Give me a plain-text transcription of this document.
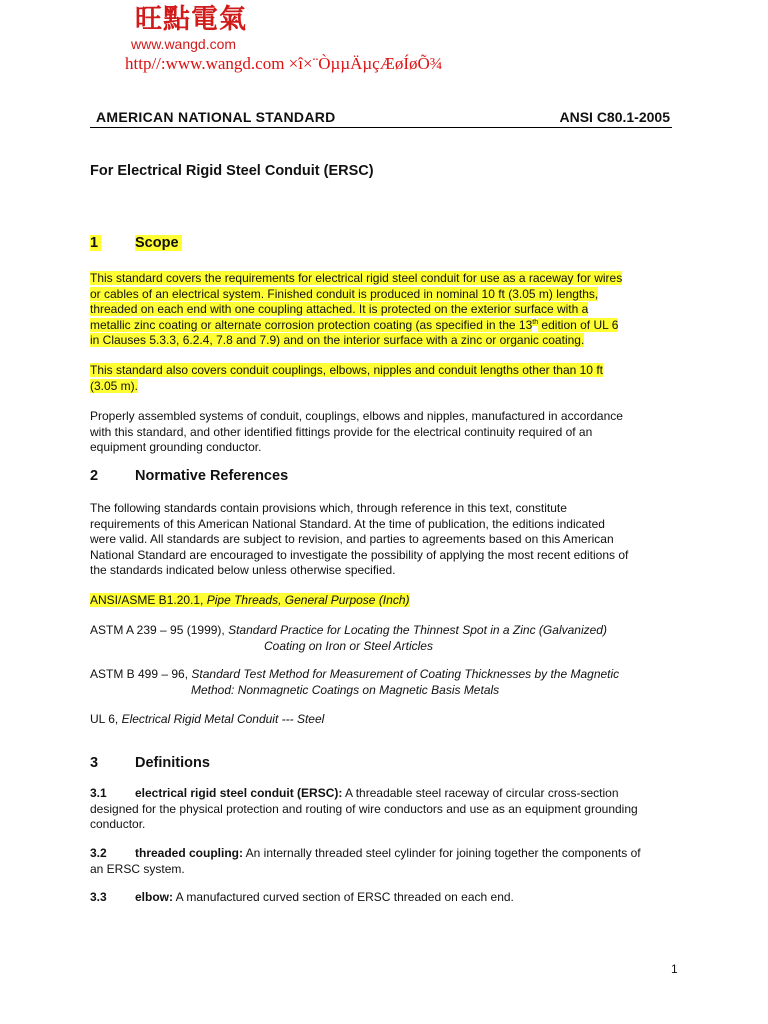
旺點電氣
www.wangd.com
http//:www.wangd.com ×î×¨ÒµµÄµçÆøÍøÕ¾
AMERICAN NATIONAL STANDARD	ANSI C80.1-2005
For Electrical Rigid Steel Conduit (ERSC)
1	Scope
This standard covers the requirements for electrical rigid steel conduit for use as a raceway for wires
or cables of an electrical system. Finished conduit is produced in nominal 10 ft (3.05 m) lengths,
threaded on each end with one coupling attached. It is protected on the exterior surface with a
metallic zinc coating or alternate corrosion protection coating (as specified in the 13th edition of UL 6
in Clauses 5.3.3, 6.2.4, 7.8 and 7.9) and on the interior surface with a zinc or organic coating.
This standard also covers conduit couplings, elbows, nipples and conduit lengths other than 10 ft
(3.05 m).
Properly assembled systems of conduit, couplings, elbows and nipples, manufactured in accordance
with this standard, and other identified fittings provide for the electrical continuity required of an
equipment grounding conductor.
2	Normative References
The following standards contain provisions which, through reference in this text, constitute
requirements of this American National Standard. At the time of publication, the editions indicated
were valid. All standards are subject to revision, and parties to agreements based on this American
National Standard are encouraged to investigate the possibility of applying the most recent editions of
the standards indicated below unless otherwise specified.
ANSI/ASME B1.20.1, Pipe Threads, General Purpose (Inch)
ASTM A 239 – 95 (1999), Standard Practice for Locating the Thinnest Spot in a Zinc (Galvanized)
Coating on Iron or Steel Articles
ASTM B 499 – 96, Standard Test Method for Measurement of Coating Thicknesses by the Magnetic
Method: Nonmagnetic Coatings on Magnetic Basis Metals
UL 6, Electrical Rigid Metal Conduit --- Steel
3	Definitions
3.1 electrical rigid steel conduit (ERSC): A threadable steel raceway of circular cross-section
designed for the physical protection and routing of wire conductors and use as an equipment grounding
conductor.
3.2 threaded coupling: An internally threaded steel cylinder for joining together the components of
an ERSC system.
3.3 elbow: A manufactured curved section of ERSC threaded on each end.
1
